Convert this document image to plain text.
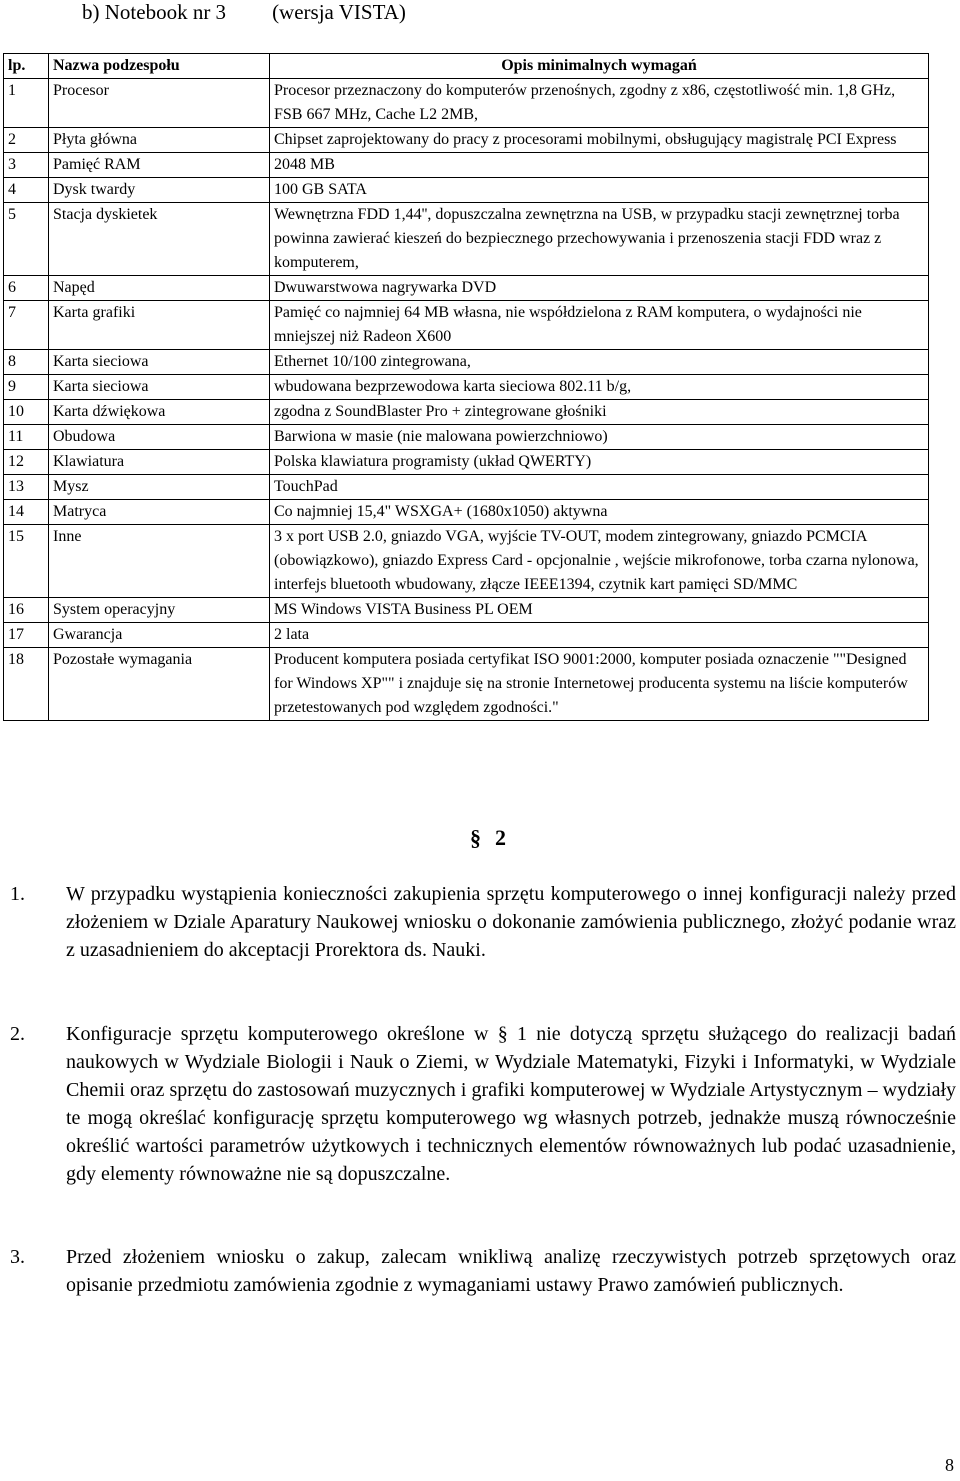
b) Notebook nr 3 (wersja VISTA)
lp.	Nazwa podzespołu	Opis minimalnych wymagań
1	Procesor	Procesor przeznaczony do komputerów przenośnych, zgodny z x86, częstotliwość min. 1,8 GHz, FSB 667 MHz, Cache L2 2MB,
2	Płyta główna	Chipset zaprojektowany do pracy z procesorami mobilnymi, obsługujący magistralę PCI Express
3	Pamięć RAM	2048 MB
4	Dysk twardy	100 GB SATA
5	Stacja dyskietek	Wewnętrzna FDD 1,44'', dopuszczalna zewnętrzna na USB, w przypadku stacji zewnętrznej torba powinna zawierać kieszeń do bezpiecznego przechowywania i przenoszenia stacji FDD wraz z komputerem,
6	Napęd	Dwuwarstwowa nagrywarka DVD
7	Karta grafiki	Pamięć co najmniej 64 MB własna, nie współdzielona z RAM komputera, o wydajności nie mniejszej niż Radeon X600
8	Karta sieciowa	Ethernet 10/100 zintegrowana,
9	Karta sieciowa	wbudowana bezprzewodowa karta sieciowa 802.11 b/g,
10	Karta dźwiękowa	zgodna z SoundBlaster Pro + zintegrowane głośniki
11	Obudowa	Barwiona w masie (nie malowana powierzchniowo)
12	Klawiatura	Polska klawiatura programisty (układ QWERTY)
13	Mysz	TouchPad
14	Matryca	Co najmniej 15,4" WSXGA+ (1680x1050) aktywna
15	Inne	3 x port USB 2.0, gniazdo VGA, wyjście TV-OUT, modem zintegrowany, gniazdo PCMCIA (obowiązkowo), gniazdo Express Card - opcjonalnie , wejście mikrofonowe, torba czarna nylonowa, interfejs bluetooth wbudowany, złącze IEEE1394, czytnik kart pamięci SD/MMC
16	System operacyjny	MS Windows VISTA Business PL OEM
17	Gwarancja	2 lata
18	Pozostałe wymagania	Producent komputera posiada certyfikat ISO 9001:2000, komputer posiada oznaczenie ""Designed for Windows XP"" i znajduje się na stronie Internetowej producenta systemu na liście komputerów przetestowanych pod względem zgodności."
§ 2
1. W przypadku wystąpienia konieczności zakupienia sprzętu komputerowego o innej konfiguracji należy przed złożeniem w Dziale Aparatury Naukowej wniosku o dokonanie zamówienia publicznego, złożyć podanie wraz z uzasadnieniem do akceptacji Prorektora ds. Nauki.
2. Konfiguracje sprzętu komputerowego określone w § 1 nie dotyczą sprzętu służącego do realizacji badań naukowych w Wydziale Biologii i Nauk o Ziemi, w Wydziale Matematyki, Fizyki i Informatyki, w Wydziale Chemii oraz sprzętu do zastosowań muzycznych i grafiki komputerowej w Wydziale Artystycznym – wydziały te mogą określać konfigurację sprzętu komputerowego wg własnych potrzeb, jednakże muszą równocześnie określić wartości parametrów użytkowych i technicznych elementów równoważnych lub podać uzasadnienie, gdy elementy równoważne nie są dopuszczalne.
3. Przed złożeniem wniosku o zakup, zalecam wnikliwą analizę rzeczywistych potrzeb sprzętowych oraz opisanie przedmiotu zamówienia zgodnie z wymaganiami ustawy Prawo zamówień publicznych.
8
